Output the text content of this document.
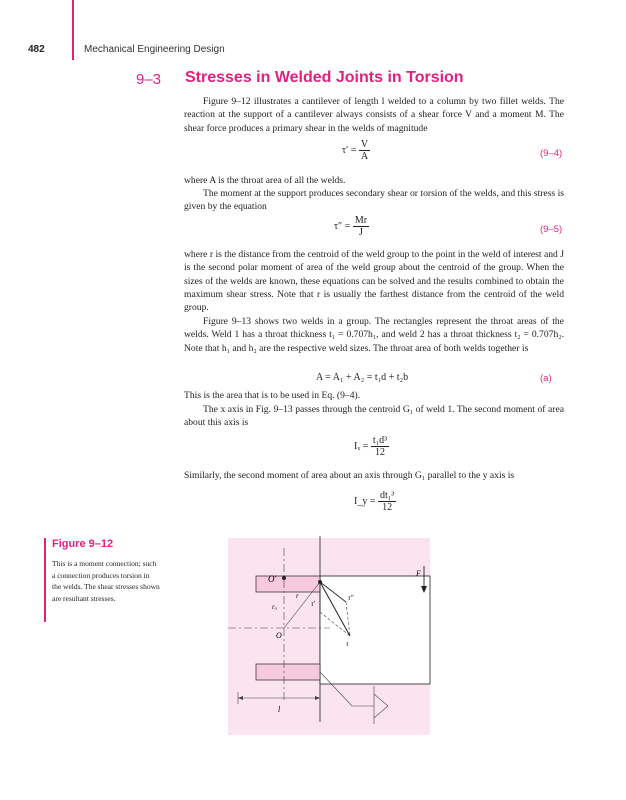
482	Mechanical Engineering Design
9–3 Stresses in Welded Joints in Torsion

Figure 9–12 illustrates a cantilever of length l welded to a column by two fillet welds. The reaction at the support of a cantilever always consists of a shear force V and a moment M. The shear force produces a primary shear in the welds of magnitude

$\tau' = \frac{V}{A}$	(9–4)

where A is the throat area of all the welds.

The moment at the support produces secondary shear or torsion of the welds, and this stress is given by the equation

$\tau'' = \frac{Mr}{J}$	(9–5)

where r is the distance from the centroid of the weld group to the point in the weld of interest and J is the second polar moment of area of the weld group about the centroid of the group. When the sizes of the welds are known, these equations can be solved and the results combined to obtain the maximum shear stress. Note that r is usually the farthest distance from the centroid of the weld group.

Figure 9–13 shows two welds in a group. The rectangles represent the throat areas of the welds. Weld 1 has a throat thickness t₁ = 0.707h₁, and weld 2 has a throat thickness t₂ = 0.707h₂. Note that h₁ and h₂ are the respective weld sizes. The throat area of both welds together is

A = A₁ + A₂ = t₁d + t₂b	(a)

This is the area that is to be used in Eq. (9–4).

The x axis in Fig. 9–13 passes through the centroid G₁ of weld 1. The second moment of area about this axis is

$I_x = \frac{\text{t₁d³}}{12}$

Similarly, the second moment of area about an axis through G₁ parallel to the y axis is

I_y = $\frac{\text{dt₁³}}{12}$
Figure 9–12
This is a moment connection; such a connection produces torsion in the welds. The shear stresses shown are resultant stresses.
O′
O
F
r
rₐ	τ′
τ″
τ
l
